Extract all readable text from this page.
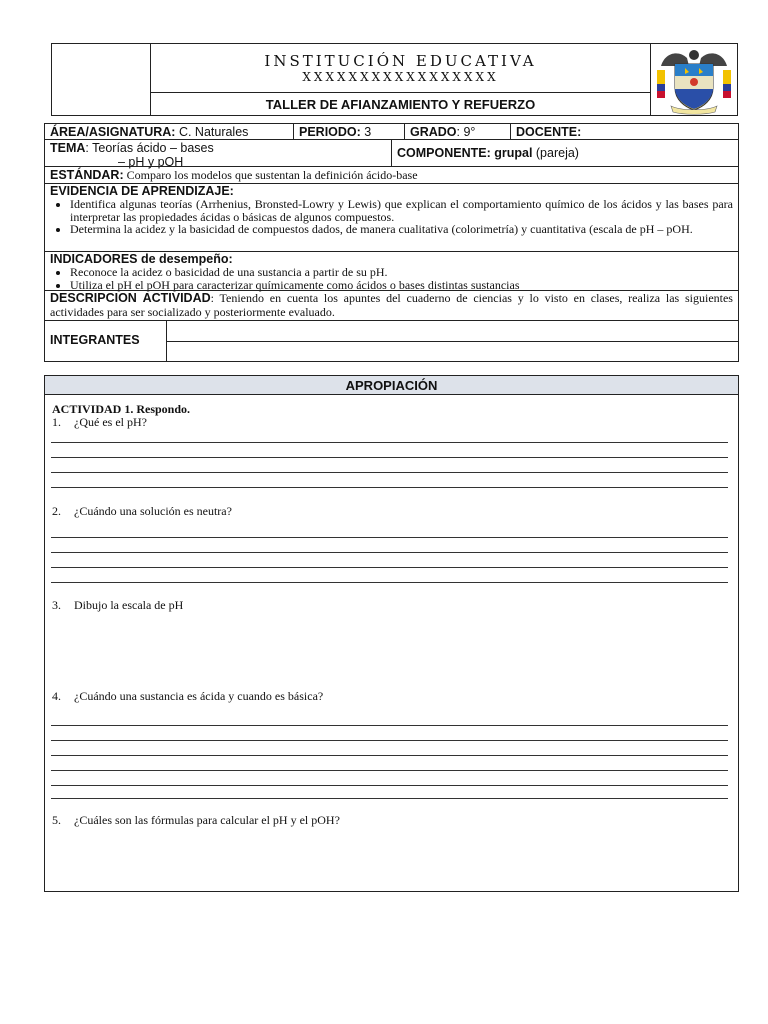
INSTITUCIÓN EDUCATIVA
XXXXXXXXXXXXXXXXX
TALLER DE AFIANZAMIENTO Y REFUERZO
ÁREA/ASIGNATURA: C. Naturales	PERIODO: 3	GRADO: 9°	DOCENTE:
TEMA: Teorías ácido – bases
– pH y pOH
COMPONENTE: grupal (pareja)
ESTÁNDAR: Comparo los modelos que sustentan la definición ácido-base
EVIDENCIA DE APRENDIZAJE:
• Identifica algunas teorías (Arrhenius, Bronsted-Lowry y Lewis) que explican el comportamiento químico de los ácidos y las bases para interpretar las propiedades ácidas o básicas de algunos compuestos.
• Determina la acidez y la basicidad de compuestos dados, de manera cualitativa (colorimetría) y cuantitativa (escala de pH – pOH.
INDICADORES de desempeño:
• Reconoce la acidez o basicidad de una sustancia a partir de su pH.
• Utiliza el pH el pOH para caracterizar químicamente como ácidos o bases distintas sustancias
DESCRIPCION ACTIVIDAD: Teniendo en cuenta los apuntes del cuaderno de ciencias y lo visto en clases, realiza las siguientes actividades para ser socializado y posteriormente evaluado.
INTEGRANTES
APROPIACIÓN
ACTIVIDAD 1. Respondo.
1. ¿Qué es el pH?
2. ¿Cuándo una solución es neutra?
3. Dibujo la escala de pH
4. ¿Cuándo una sustancia es ácida y cuando es básica?
5. ¿Cuáles son las fórmulas para calcular el pH y el pOH?
